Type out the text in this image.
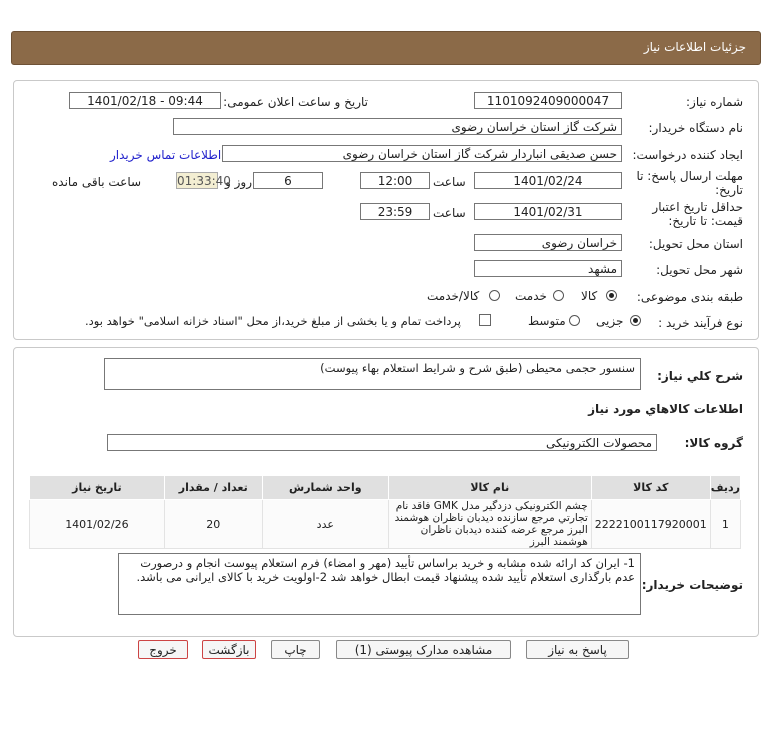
جزئیات اطلاعات نیاز
شماره نیاز:
1101092409000047
تاریخ و ساعت اعلان عمومی:
1401/02/18 - 09:44
نام دستگاه خریدار:
شرکت گاز استان خراسان رضوی
ایجاد کننده درخواست:
حسن صدیقی انباردار شرکت گاز استان خراسان رضوی
اطلاعات تماس خریدار
مهلت ارسال پاسخ: تا
تاریخ:
1401/02/24
ساعت
12:00
6
روز و
01:33:40
ساعت باقی مانده
حداقل تاریخ اعتبار
قیمت: تا تاریخ:
1401/02/31
ساعت
23:59
استان محل تحویل:
خراسان رضوی
شهر محل تحویل:
مشهد
طبقه بندی موضوعی:
کالا
خدمت
کالا/خدمت
نوع فرآیند خرید :
جزیی
متوسط
پرداخت تمام و یا بخشی از مبلغ خرید،از محل "اسناد خزانه اسلامی" خواهد بود.
شرح کلي نياز:
سنسور حجمی محیطی (طبق شرح و شرایط استعلام بهاء پیوست)
اطلاعات کالاهاي مورد نياز
گروه کالا:
محصولات الکترونیکی
ردیف	کد کالا	نام کالا	واحد شمارش	تعداد / مقدار	تاریخ نیاز
1	2222100117920001	چشم الکترونیکی دزدگیر مدل GMK فاقد نام تجارتي مرجع سازنده دیدبان ناظران هوشمند البرز مرجع عرضه کننده دیدبان ناظران هوشمند البرز	عدد	20	1401/02/26
توضیحات خریدار:
1- ایران کد ارائه شده مشابه و خرید براساس تأیید (مهر و امضاء) فرم استعلام پیوست انجام و درصورت عدم بارگذاری استعلام تأیید شده پیشنهاد قیمت ابطال خواهد شد 2-اولویت خرید با کالای ایرانی می باشد.
پاسخ به نیاز
مشاهده مدارک پیوستی (1)
چاپ
بازگشت
خروج
